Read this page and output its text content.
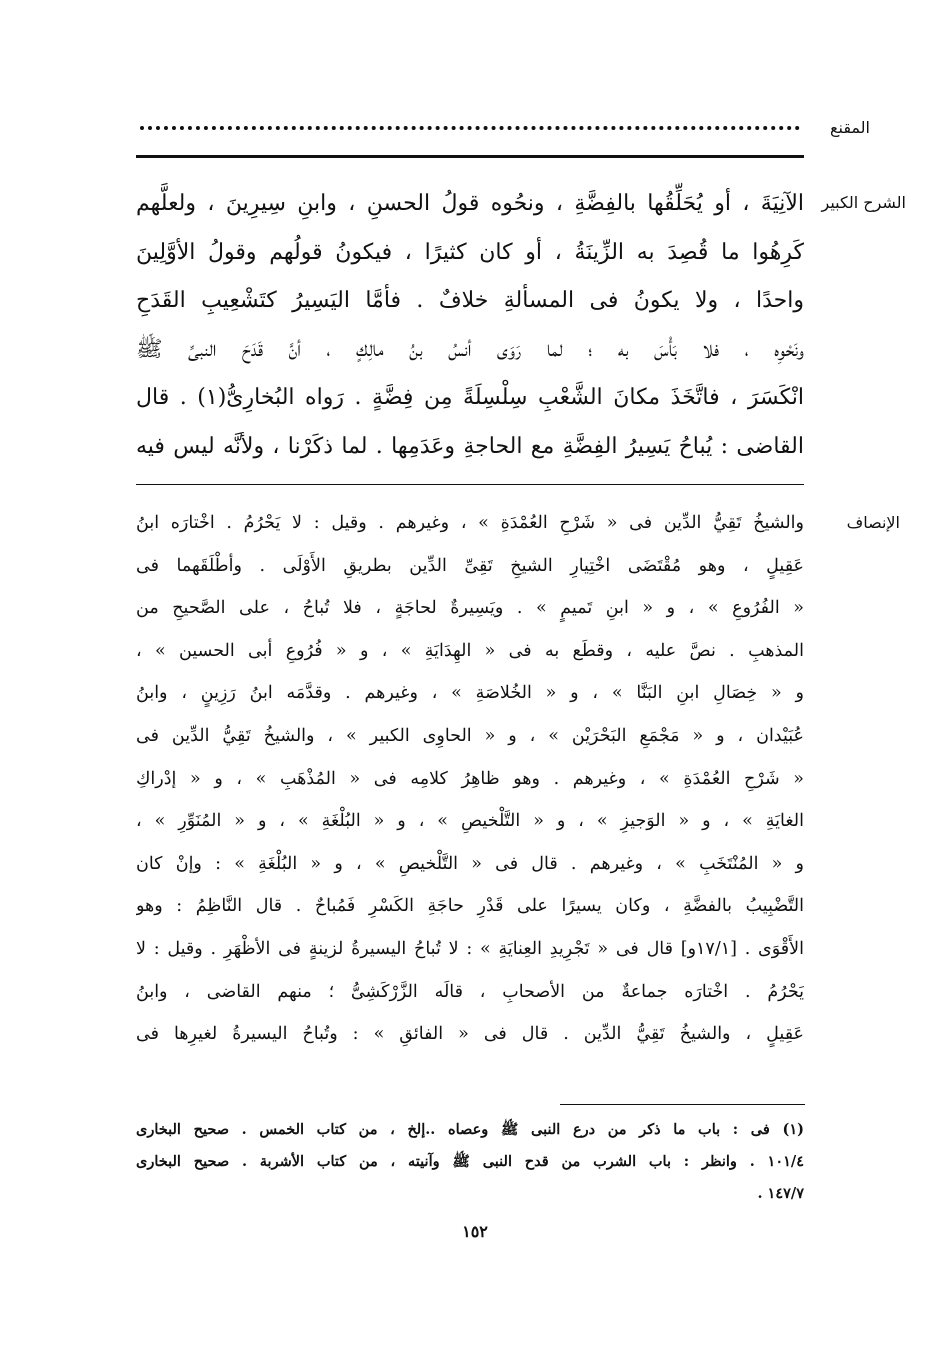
المقنع
الشرح الكبير
الآنِيَةَ ، أو يُحَلِّقُها بالفِضَّةِ ، ونحُوه قولُ الحسنِ ، وابنِ سِيرِينَ ، ولعلَّهم
كَرِهُوا ما قُصِدَ به الزِّينَةُ ، أو كان كثيرًا ، فيكونُ قولُهم وقولُ الأوَّلِينَ
واحدًا ، ولا يكونُ فى المسألةِ خلافٌ . فأمَّا اليَسِيرُ كتَشْعِيبِ القَدَحِ
ونَحْوِه ، فلا بَأْسَ به ؛ لما رَوَى أنسُ بنُ مالِكٍ ، أنَّ قَدَحَ النبىِّ ﷺ
انْكَسَرَ ، فاتَّخَذَ مكانَ الشَّعْبِ سِلْسِلَةً مِن فِضَّةٍ . رَواه البُخارِىُّ(١) . قال
القاضى : يُباحُ يَسِيرُ الفِضَّةِ مع الحاجةِ وعَدَمِها . لما ذكَرْنا ، ولأنَّه ليس فيه
الإنصاف
والشيخُ تَقِيُّ الدِّين فى « شَرْحِ العُمْدَةِ » ، وغيرهم . وقيل : لا يَحْرُمُ . اخْتارَه ابنُ
عَقِيلٍ ، وهو مُقْتَضَى اخْتِيارِ الشيخِ تَقِىِّ الدِّين بطريقِ الأَوْلَى . وأطْلَقَهما فى
« الفُرُوعِ » ، و « ابنِ تَميمٍ » . ويَسِيرةٌ لحاجَةٍ ، فلا تُباحُ ، على الصَّحيحِ من
المذهبِ . نصَّ عليه ، وقطَع به فى « الهِدَايَةِ » ، و « فُرُوعِ أبى الحسين » ،
و « خِصَالِ ابنِ البَنَّا » ، و « الخُلاصَةِ » ، وغيرهم . وقدَّمَه ابنُ رَزِينٍ ، وابنُ
عُبَيْدان ، و « مَجْمَعِ البَحْرَيْن » ، و « الحاوِى الكبير » ، والشيخُ تَقِيُّ الدِّين فى
« شَرْحِ العُمْدَةِ » ، وغيرهم . وهو ظاهِرُ كلامِه فى « المُذْهَبِ » ، و « إدْراكِ
الغايَةِ » ، و « الوَجيزِ » ، و « التَّلْخيصِ » ، و « البُلْغَةِ » ، و « المُنَوِّرِ » ،
و « المُنْتَخَبِ » ، وغيرهم . قال فى « التَّلْخيصِ » ، و « البُلْغَةِ » : وإنْ كان
التَّضْبِيبُ بالفضَّةِ ، وكان يسيرًا على قَدْرِ حاجَةِ الكَسْرِ فَمُباحٌ . قال النَّاظِمُ : وهو
الأَقْوَى . [١٧/١و] قال فى « تَجْرِيدِ العِنايَةِ » : لا تُباحُ اليسيرةُ لزينةٍ فى الأظْهَرِ . وقيل : لا
يَحْرُمُ . اخْتارَه جماعةٌ من الأصحابِ ، قالَه الزَّرْكَشِىُّ ؛ منهم القاضى ، وابنُ
عَقِيلٍ ، والشيخُ تَقِيُّ الدِّين . قال فى « الفائقِ » : وتُباحُ اليسيرةُ لغيرِها فى
(١) فى : باب ما ذكر من درع النبى ﷺ وعصاه ..إلخ ، من كتاب الخمس . صحيح البخارى
١٠١/٤ . وانظر : باب الشرب من قدح النبى ﷺ وآنيته ، من كتاب الأشربة . صحيح البخارى
١٤٧/٧ .
١٥٢
